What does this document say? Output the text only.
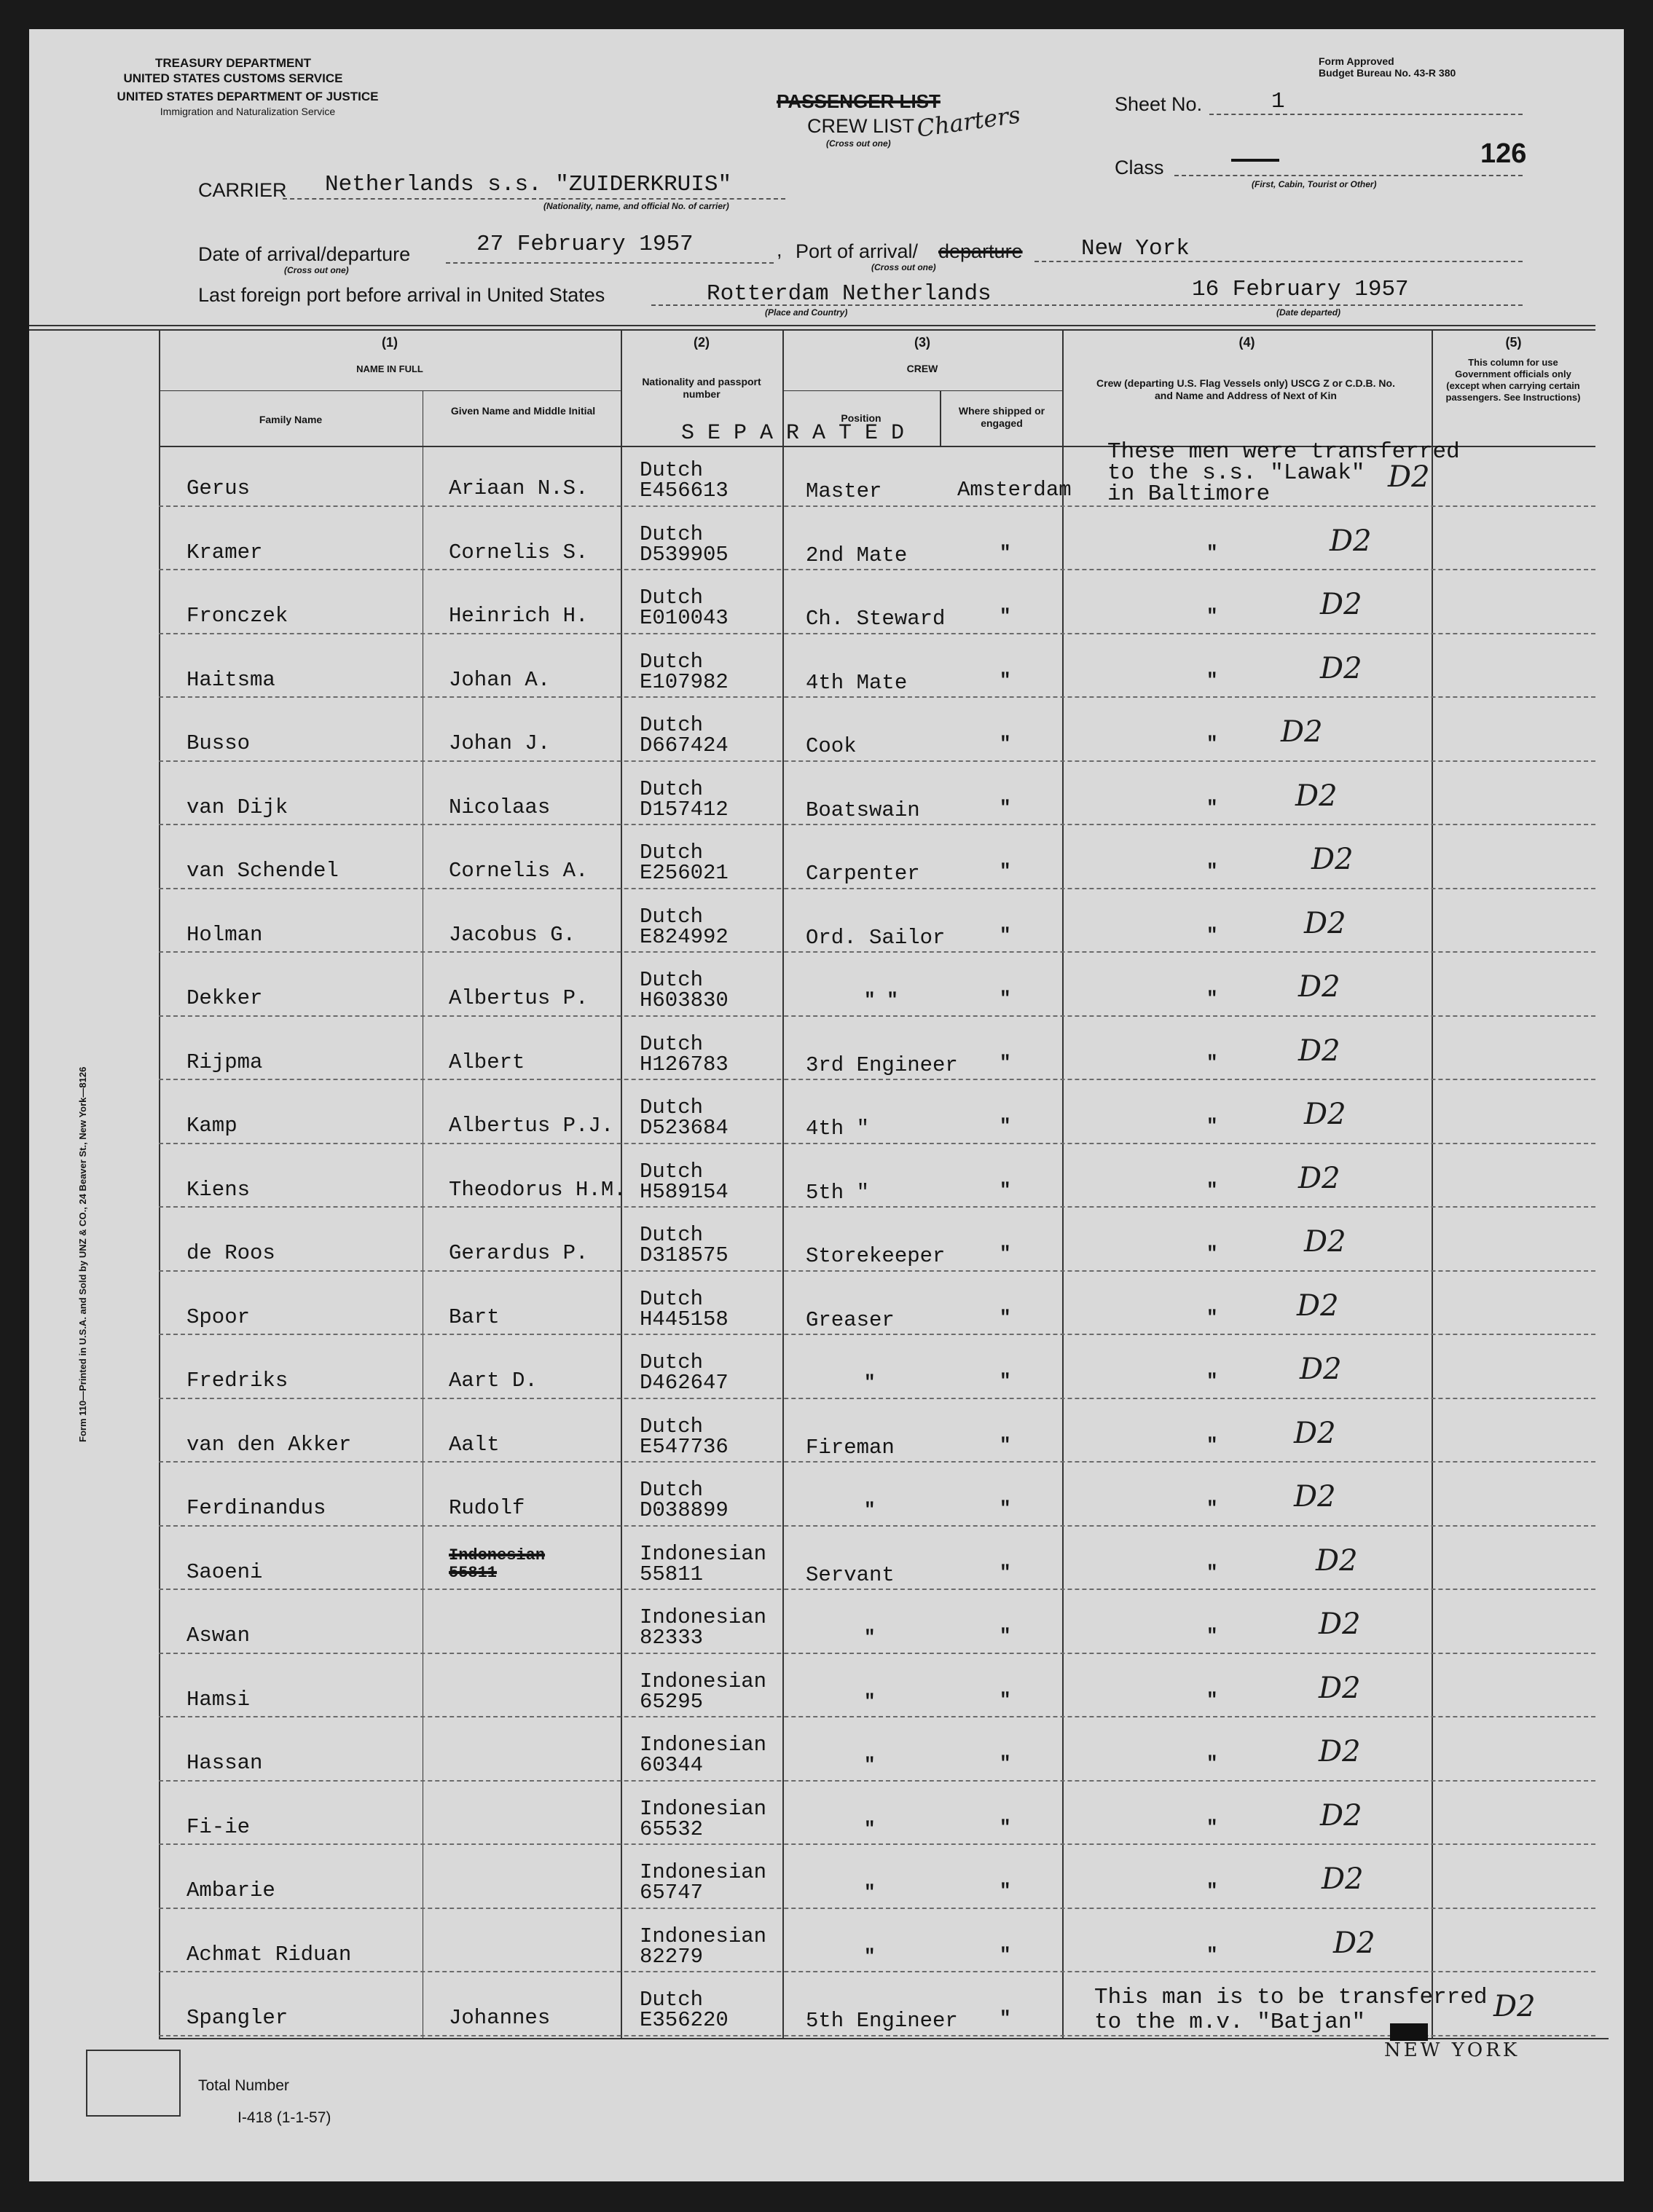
TREASURY DEPARTMENT
UNITED STATES CUSTOMS SERVICE
UNITED STATES DEPARTMENT OF JUSTICE
Immigration and Naturalization Service
Form Approved
Budget Bureau No. 43-R 380
PASSENGER LIST
CREW LIST Charters
(Cross out one)
Sheet No.	1
Class	-----
(First, Cabin, Tourist or Other)
126
CARRIER Netherlands s.s. "ZUIDERKRUIS"
(Nationality, name, and official No. of carrier)
Date of arrival/departure
(Cross out one)
27 February 1957	, Port of arrival/ departure
(Cross out one)
New York
Last foreign port before arrival in United States	Rotterdam Netherlands
(Place and Country)
16 February 1957
(Date departed)
(1)
NAME IN FULL
Family Name
Given Name and Middle Initial
(2)
Nationality and passport number
(3)
CREW
Position
Where shipped or engaged
(4)
Crew (departing U.S. Flag Vessels only) USCG Z or C.D.B. No. and Name and Address of Next of Kin
(5)
This column for use Government officials only (except when carrying certain passengers. See Instructions)
S E P A R A T E D
Gerus	Ariaan N.S.
Dutch
E456613	Master	Amsterdam	D2
Kramer	Cornelis S.
Dutch
D539905	2nd Mate	"	"	D2
Fronczek	Heinrich H.
Dutch
E010043	Ch. Steward	"	"	D2
Haitsma	Johan A.
Dutch
E107982	4th Mate	"	"	D2
Busso	Johan J.
Dutch
D667424	Cook	"	" D2
van Dijk	Nicolaas
Dutch
D157412	Boatswain	"	"	D2
van Schendel	Cornelis A.
Dutch
E256021	Carpenter	"	"	D2
Holman	Jacobus G.
Dutch
E824992	Ord. Sailor	"	"	D2
Dekker	Albertus P.
Dutch
H603830	" "	"	"	D2
Rijpma	Albert
Dutch
H126783	3rd Engineer "	"	D2
Kamp	Albertus P.J.
Dutch
D523684	4th "	"	"	D2
Kiens	Theodorus H.M.
Dutch
H589154	5th "	"	"	D2
de Roos	Gerardus P.
Dutch
D318575	Storekeeper	"	"	D2
Spoor	Bart
Dutch
H445158	Greaser	"	"	D2
Fredriks	Aart D.
Dutch
D462647	"	"	"	D2
van den Akker	Aalt
Dutch
E547736	Fireman	"	"	D2
Ferdinandus	Rudolf
Dutch
D038899	"	"	"	D2
Saoeni
Indonesian 55811
Indonesian
55811	Servant	"	"	D2
Aswan
Indonesian
82333	"	"	"	D2
Hamsi
Indonesian
65295	"	"	"	D2
Hassan
Indonesian
60344	"	"	"	D2
Fi-ie
Indonesian
65532	"	"	"	D2
Ambarie
Indonesian
65747	"	"	"	D2
Achmat Riduan
Indonesian
82279	"	"	"	D2
Spangler	Johannes
Dutch
E356220	5th Engineer "	D2
These men were transferred
to the s.s. "Lawak"
in Baltimore
This man is to be transferred
to the m.v. "Batjan"
NEW YORK
Total Number
I-418 (1-1-57)
Form 110—Printed in U.S.A. and Sold by UNZ & CO., 24 Beaver St., New York—8126
